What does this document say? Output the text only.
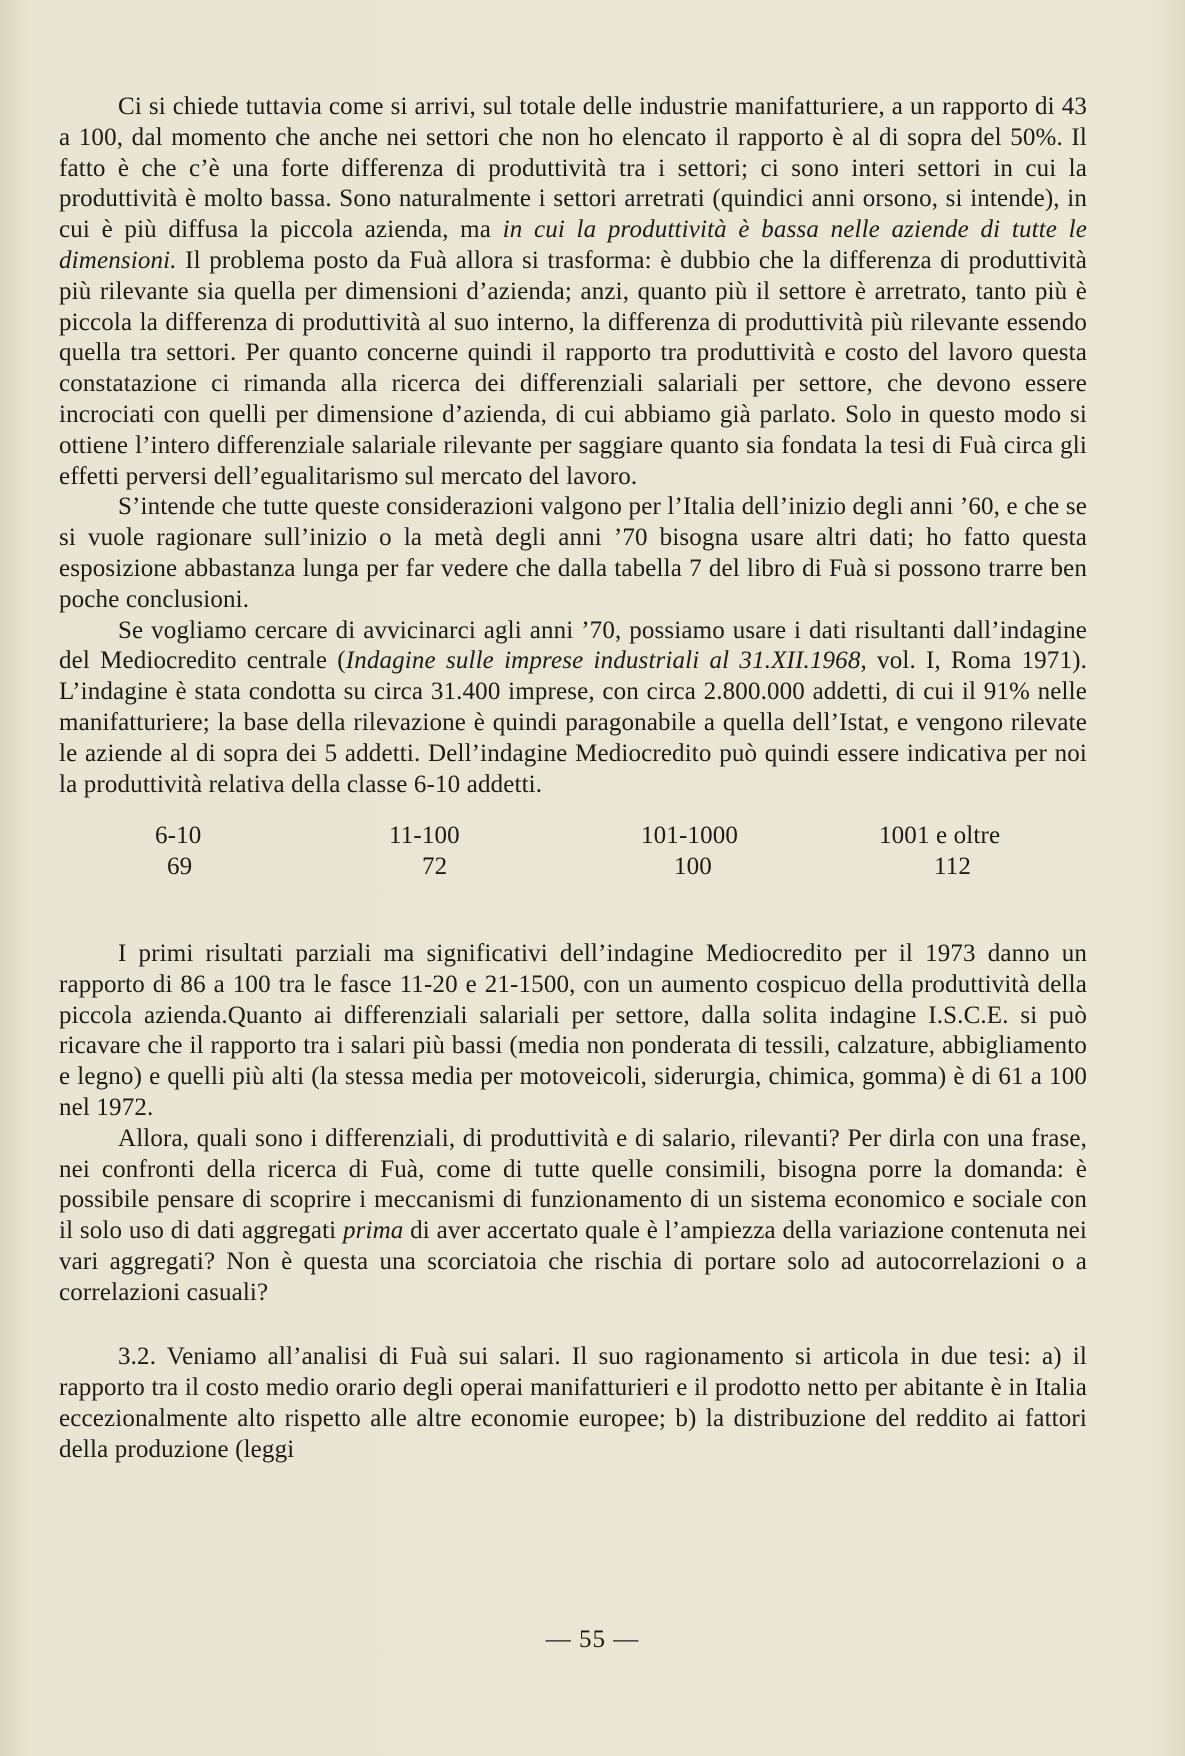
Ci si chiede tuttavia come si arrivi, sul totale delle industrie manifatturiere, a un rapporto di 43 a 100, dal momento che anche nei settori che non ho elencato il rapporto è al di sopra del 50%. Il fatto è che c’è una forte differenza di produttività tra i settori; ci sono interi settori in cui la produttività è molto bassa. Sono naturalmente i settori arretrati (quindici anni orsono, si intende), in cui è più diffusa la piccola azienda, ma in cui la produttività è bassa nelle aziende di tutte le dimensioni. Il problema posto da Fuà allora si trasforma: è dubbio che la differenza di produttività più rilevante sia quella per dimensioni d’azienda; anzi, quanto più il settore è arretrato, tanto più è piccola la differenza di produttività al suo interno, la differenza di produttività più rilevante essendo quella tra settori. Per quanto concerne quindi il rapporto tra produttività e costo del lavoro questa constatazione ci rimanda alla ricerca dei differenziali salariali per settore, che devono essere incrociati con quelli per dimensione d’azienda, di cui abbiamo già parlato. Solo in questo modo si ottiene l’intero differenziale salariale rilevante per saggiare quanto sia fondata la tesi di Fuà circa gli effetti perversi dell’egualitarismo sul mercato del lavoro.

S’intende che tutte queste considerazioni valgono per l’Italia dell’inizio degli anni ’60, e che se si vuole ragionare sull’inizio o la metà degli anni ’70 bisogna usare altri dati; ho fatto questa esposizione abbastanza lunga per far vedere che dalla tabella 7 del libro di Fuà si possono trarre ben poche conclusioni.

Se vogliamo cercare di avvicinarci agli anni ’70, possiamo usare i dati risultanti dall’indagine del Mediocredito centrale (Indagine sulle imprese industriali al 31.XII.1968, vol. I, Roma 1971). L’indagine è stata condotta su circa 31.400 imprese, con circa 2.800.000 addetti, di cui il 91% nelle manifatturiere; la base della rilevazione è quindi paragonabile a quella dell’Istat, e vengono rilevate le aziende al di sopra dei 5 addetti. Dell’indagine Mediocredito può quindi essere indicativa per noi la produttività relativa della classe 6-10 addetti.

6-10
69
11-100
72
101-1000
100
1001 e oltre
112

I primi risultati parziali ma significativi dell’indagine Mediocredito per il 1973 danno un rapporto di 86 a 100 tra le fasce 11-20 e 21-1500, con un aumento cospicuo della produttività della piccola azienda.Quanto ai differenziali salariali per settore, dalla solita indagine I.S.C.E. si può ricavare che il rapporto tra i salari più bassi (media non ponderata di tessili, calzature, abbigliamento e legno) e quelli più alti (la stessa media per motoveicoli, siderurgia, chimica, gomma) è di 61 a 100 nel 1972.

Allora, quali sono i differenziali, di produttività e di salario, rilevanti? Per dirla con una frase, nei confronti della ricerca di Fuà, come di tutte quelle consimili, bisogna porre la domanda: è possibile pensare di scoprire i meccanismi di funzionamento di un sistema economico e sociale con il solo uso di dati aggregati prima di aver accertato quale è l’ampiezza della variazione contenuta nei vari aggregati? Non è questa una scorciatoia che rischia di portare solo ad autocorrelazioni o a correlazioni casuali?

3.2. Veniamo all’analisi di Fuà sui salari. Il suo ragionamento si articola in due tesi: a) il rapporto tra il costo medio orario degli operai manifatturieri e il prodotto netto per abitante è in Italia eccezionalmente alto rispetto alle altre economie europee; b) la distribuzione del reddito ai fattori della produzione (leggi

— 55 —
